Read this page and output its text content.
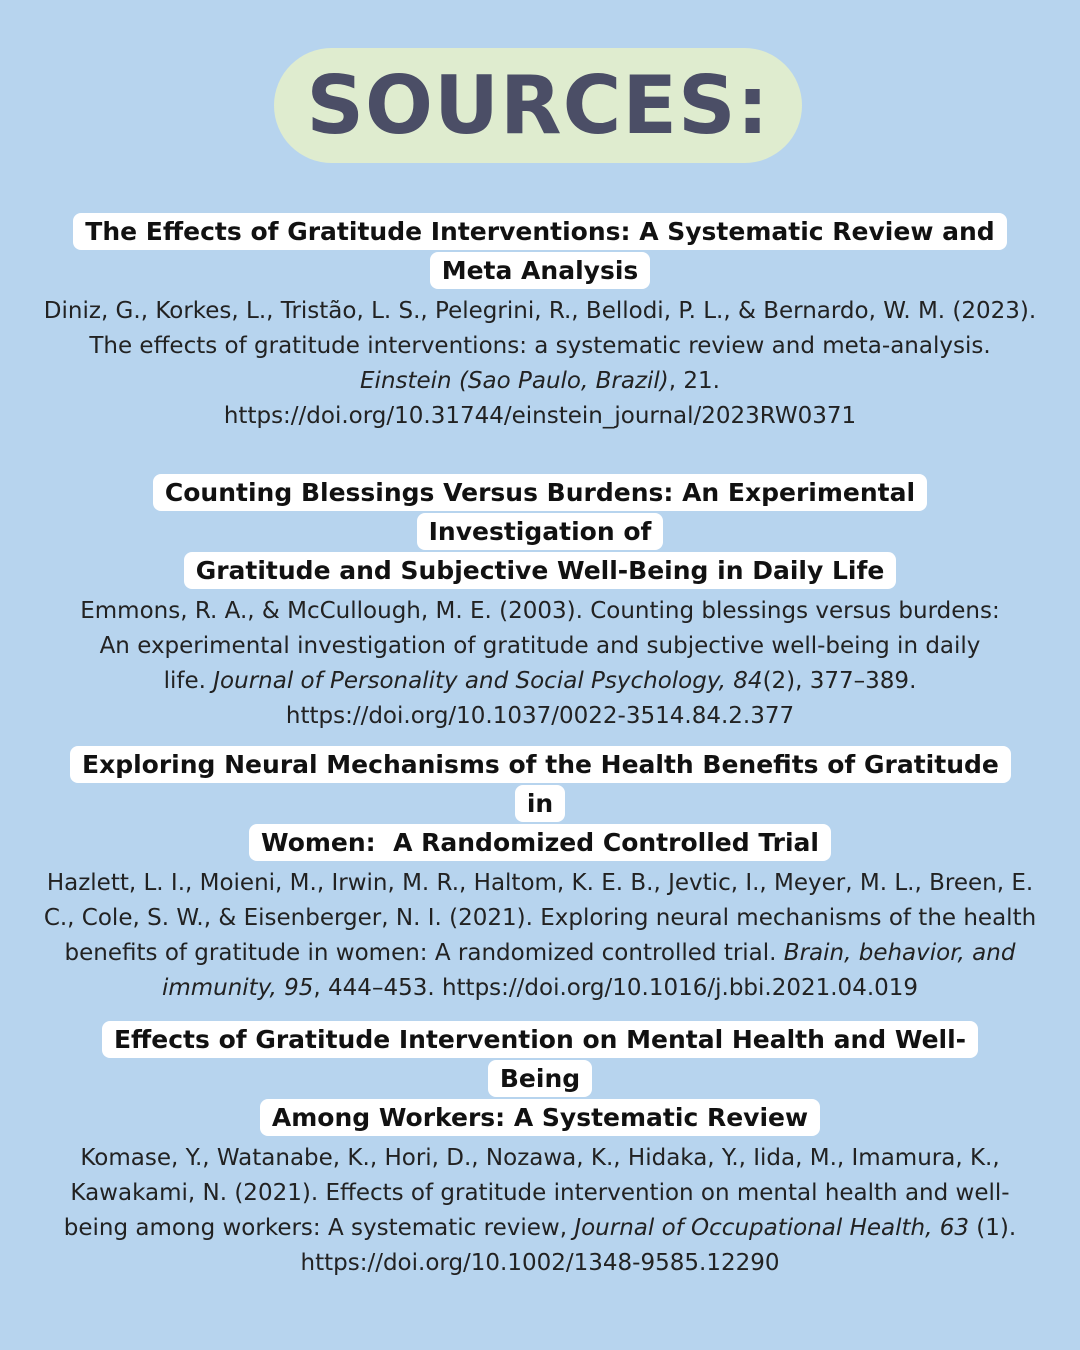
SOURCES:
The Effects of Gratitude Interventions: A Systematic Review and
Meta Analysis
Diniz, G., Korkes, L., Tristão, L. S., Pelegrini, R., Bellodi, P. L., & Bernardo, W. M. (2023).
The effects of gratitude interventions: a systematic review and meta-analysis.
Einstein (Sao Paulo, Brazil), 21.
https://doi.org/10.31744/einstein_journal/2023RW0371
Counting Blessings Versus Burdens: An Experimental Investigation of
Gratitude and Subjective Well-Being in Daily Life
Emmons, R. A., & McCullough, M. E. (2003). Counting blessings versus burdens:
An experimental investigation of gratitude and subjective well-being in daily
life. Journal of Personality and Social Psychology, 84(2), 377–389.
https://doi.org/10.1037/0022-3514.84.2.377
Exploring Neural Mechanisms of the Health Benefits of Gratitude in
Women:  A Randomized Controlled Trial
Hazlett, L. I., Moieni, M., Irwin, M. R., Haltom, K. E. B., Jevtic, I., Meyer, M. L., Breen, E.
C., Cole, S. W., & Eisenberger, N. I. (2021). Exploring neural mechanisms of the health
benefits of gratitude in women: A randomized controlled trial. Brain, behavior, and
immunity, 95, 444–453. https://doi.org/10.1016/j.bbi.2021.04.019
Effects of Gratitude Intervention on Mental Health and Well-Being
Among Workers: A Systematic Review
Komase, Y., Watanabe, K., Hori, D., Nozawa, K., Hidaka, Y., Iida, M., Imamura, K.,
Kawakami, N. (2021). Effects of gratitude intervention on mental health and well-
being among workers: A systematic review, Journal of Occupational Health, 63 (1).
https://doi.org/10.1002/1348-9585.12290
